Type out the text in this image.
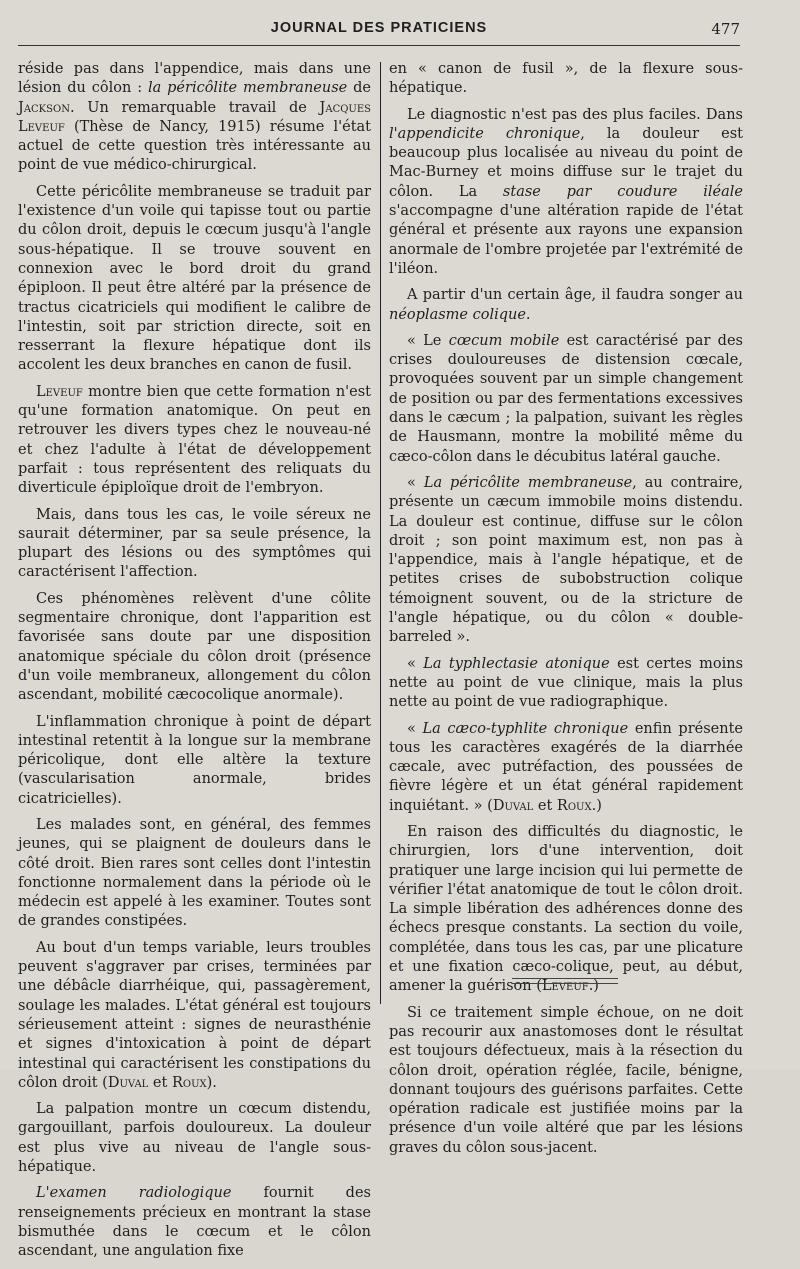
JOURNAL DES PRATICIENS	477

réside pas dans l'appendice, mais dans une lésion du côlon : la péricôlite membraneuse de Jackson. Un remarquable travail de Jacques Leveuf (Thèse de Nancy, 1915) résume l'état actuel de cette question très intéressante au point de vue médico-chirurgical.

Cette péricôlite membraneuse se traduit par l'existence d'un voile qui tapisse tout ou partie du côlon droit, depuis le cœcum jusqu'à l'angle sous-hépatique. Il se trouve souvent en connexion avec le bord droit du grand épiploon. Il peut être altéré par la présence de tractus cicatriciels qui modifient le calibre de l'intestin, soit par striction directe, soit en resserrant la flexure hépatique dont ils accolent les deux branches en canon de fusil.

Leveuf montre bien que cette formation n'est qu'une formation anatomique. On peut en retrouver les divers types chez le nouveau-né et chez l'adulte à l'état de développement parfait : tous représentent des reliquats du diverticule épiploïque droit de l'embryon.

Mais, dans tous les cas, le voile séreux ne saurait déterminer, par sa seule présence, la plupart des lésions ou des symptômes qui caractérisent l'affection.

Ces phénomènes relèvent d'une côlite segmentaire chronique, dont l'apparition est favorisée sans doute par une disposition anatomique spéciale du côlon droit (présence d'un voile membraneux, allongement du côlon ascendant, mobilité cæcocolique anormale).

L'inflammation chronique à point de départ intestinal retentit à la longue sur la membrane péricolique, dont elle altère la texture (vascularisation anormale, brides cicatricielles).

Les malades sont, en général, des femmes jeunes, qui se plaignent de douleurs dans le côté droit. Bien rares sont celles dont l'intestin fonctionne normalement dans la période où le médecin est appelé à les examiner. Toutes sont de grandes constipées.

Au bout d'un temps variable, leurs troubles peuvent s'aggraver par crises, terminées par une débâcle diarrhéique, qui, passagèrement, soulage les malades. L'état général est toujours sérieusement atteint : signes de neurasthénie et signes d'intoxication à point de départ intestinal qui caractérisent les constipations du côlon droit (Duval et Roux).

La palpation montre un cœcum distendu, gargouillant, parfois douloureux. La douleur est plus vive au niveau de l'angle sous-hépatique.

L'examen radiologique fournit des renseignements précieux en montrant la stase bismuthée dans le cœcum et le côlon ascendant, une angulation fixe

en « canon de fusil », de la flexure sous-hépatique.

Le diagnostic n'est pas des plus faciles. Dans l'appendicite chronique, la douleur est beaucoup plus localisée au niveau du point de Mac-Burney et moins diffuse sur le trajet du côlon. La stase par coudure iléale s'accompagne d'une altération rapide de l'état général et présente aux rayons une expansion anormale de l'ombre projetée par l'extrémité de l'iléon.

A partir d'un certain âge, il faudra songer au néoplasme colique.

« Le cœcum mobile est caractérisé par des crises douloureuses de distension cœcale, provoquées souvent par un simple changement de position ou par des fermentations excessives dans le cæcum ; la palpation, suivant les règles de Hausmann, montre la mobilité même du cæco-côlon dans le décubitus latéral gauche.

« La péricôlite membraneuse, au contraire, présente un cæcum immobile moins distendu. La douleur est continue, diffuse sur le côlon droit ; son point maximum est, non pas à l'appendice, mais à l'angle hépatique, et de petites crises de subobstruction colique témoignent souvent, ou de la stricture de l'angle hépatique, ou du côlon « double-barreled ».

« La typhlectasie atonique est certes moins nette au point de vue clinique, mais la plus nette au point de vue radiographique.

« La cæco-typhlite chronique enfin présente tous les caractères exagérés de la diarrhée cæcale, avec putréfaction, des poussées de fièvre légère et un état général rapidement inquiétant. » (Duval et Roux.)

En raison des difficultés du diagnostic, le chirurgien, lors d'une intervention, doit pratiquer une large incision qui lui permette de vérifier l'état anatomique de tout le côlon droit. La simple libération des adhérences donne des échecs presque constants. La section du voile, complétée, dans tous les cas, par une plicature et une fixation cæco-colique, peut, au début, amener la guérison (Leveuf.)

Si ce traitement simple échoue, on ne doit pas recourir aux anastomoses dont le résultat est toujours défectueux, mais à la résection du côlon droit, opération réglée, facile, bénigne, donnant toujours des guérisons parfaites. Cette opération radicale est justifiée moins par la présence d'un voile altéré que par les lésions graves du côlon sous-jacent.
